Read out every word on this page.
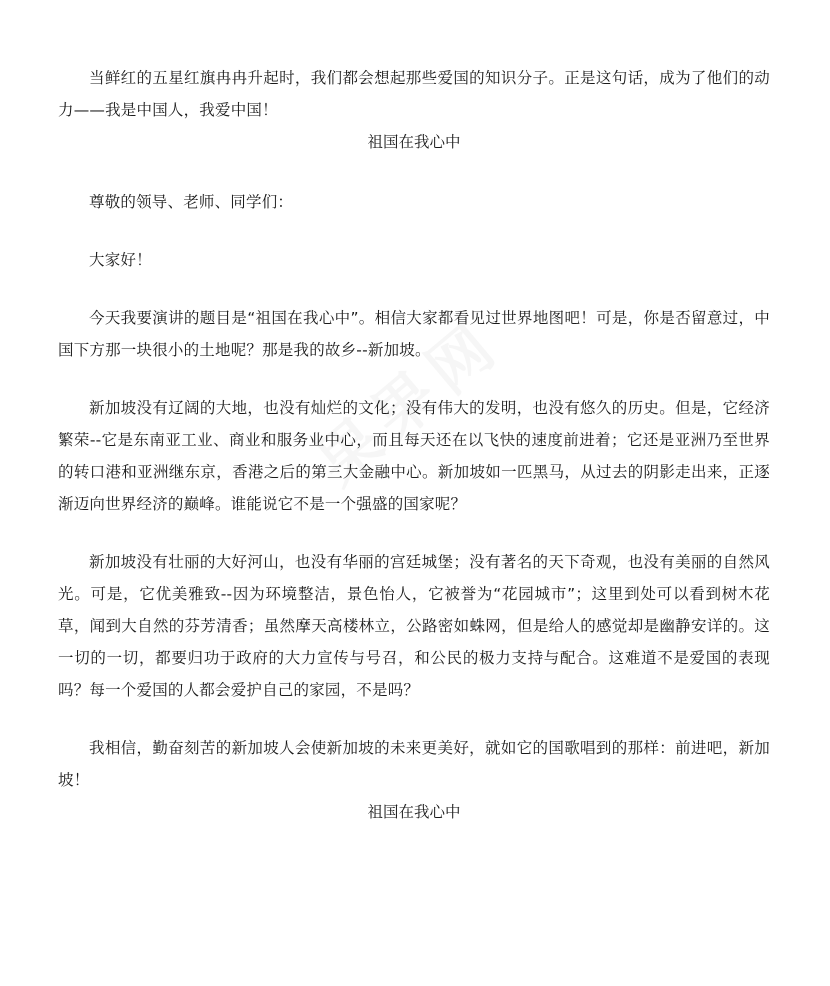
当鲜红的五星红旗冉冉升起时，我们都会想起那些爱国的知识分子。正是这句话，成为了他们的动力——我是中国人，我爱中国！

祖国在我心中

尊敬的领导、老师、同学们：

大家好！

今天我要演讲的题目是“祖国在我心中”。相信大家都看见过世界地图吧！可是，你是否留意过，中国下方那一块很小的土地呢？那是我的故乡--新加坡。

新加坡没有辽阔的大地，也没有灿烂的文化；没有伟大的发明，也没有悠久的历史。但是，它经济繁荣--它是东南亚工业、商业和服务业中心，而且每天还在以飞快的速度前进着；它还是亚洲乃至世界的转口港和亚洲继东京，香港之后的第三大金融中心。新加坡如一匹黑马，从过去的阴影走出来，正逐渐迈向世界经济的巅峰。谁能说它不是一个强盛的国家呢？

新加坡没有壮丽的大好河山，也没有华丽的宫廷城堡；没有著名的天下奇观，也没有美丽的自然风光。可是，它优美雅致--因为环境整洁，景色怡人，它被誉为“花园城市”；这里到处可以看到树木花草，闻到大自然的芬芳清香；虽然摩天高楼林立，公路密如蛛网，但是给人的感觉却是幽静安详的。这一切的一切，都要归功于政府的大力宣传与号召，和公民的极力支持与配合。这难道不是爱国的表现吗？每一个爱国的人都会爱护自己的家园，不是吗？

我相信，勤奋刻苦的新加坡人会使新加坡的未来更美好，就如它的国歌唱到的那样：前进吧，新加坡！

祖国在我心中
